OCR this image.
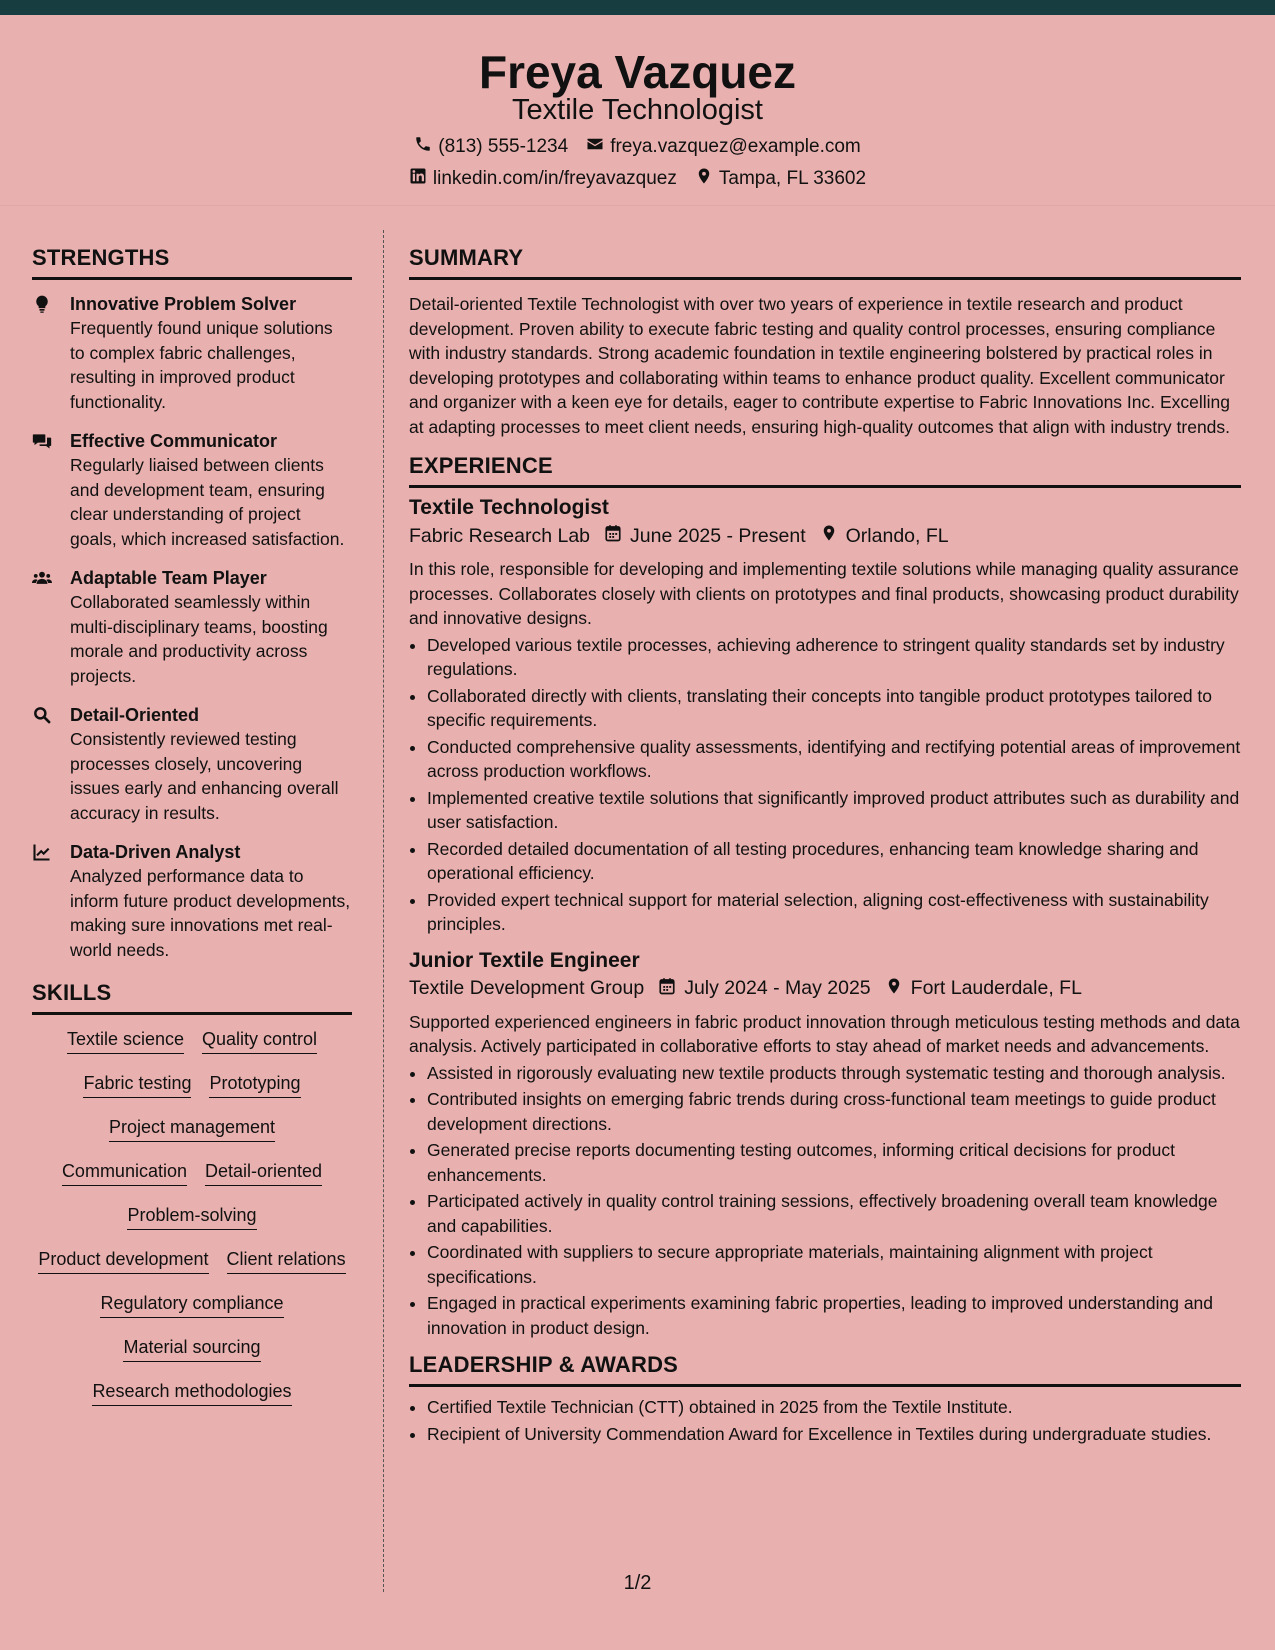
Freya Vazquez
Textile Technologist
(813) 555-1234 freya.vazquez@example.com
linkedin.com/in/freyavazquez Tampa, FL 33602
STRENGTHS
Innovative Problem Solver
Frequently found unique solutions to complex fabric challenges, resulting in improved product functionality.
Effective Communicator
Regularly liaised between clients and development team, ensuring clear understanding of project goals, which increased satisfaction.
Adaptable Team Player
Collaborated seamlessly within multi-disciplinary teams, boosting morale and productivity across projects.
Detail-Oriented
Consistently reviewed testing processes closely, uncovering issues early and enhancing overall accuracy in results.
Data-Driven Analyst
Analyzed performance data to inform future product developments, making sure innovations met real-world needs.
SKILLS
Textile science Quality control
Fabric testing Prototyping
Project management
Communication Detail-oriented
Problem-solving
Product development Client relations
Regulatory compliance
Material sourcing
Research methodologies
SUMMARY

Detail-oriented Textile Technologist with over two years of experience in textile research and product development. Proven ability to execute fabric testing and quality control processes, ensuring compliance with industry standards. Strong academic foundation in textile engineering bolstered by practical roles in developing prototypes and collaborating within teams to enhance product quality. Excellent communicator and organizer with a keen eye for details, eager to contribute expertise to Fabric Innovations Inc. Excelling at adapting processes to meet client needs, ensuring high-quality outcomes that align with industry trends.

EXPERIENCE
Textile Technologist
Fabric Research Lab June 2025 - Present Orlando, FL

In this role, responsible for developing and implementing textile solutions while managing quality assurance processes. Collaborates closely with clients on prototypes and final products, showcasing product durability and innovative designs.

• Developed various textile processes, achieving adherence to stringent quality standards set by industry regulations.
• Collaborated directly with clients, translating their concepts into tangible product prototypes tailored to specific requirements.
• Conducted comprehensive quality assessments, identifying and rectifying potential areas of improvement across production workflows.
• Implemented creative textile solutions that significantly improved product attributes such as durability and user satisfaction.
• Recorded detailed documentation of all testing procedures, enhancing team knowledge sharing and operational efficiency.
• Provided expert technical support for material selection, aligning cost-effectiveness with sustainability principles.
Junior Textile Engineer
Textile Development Group July 2024 - May 2025 Fort Lauderdale, FL

Supported experienced engineers in fabric product innovation through meticulous testing methods and data analysis. Actively participated in collaborative efforts to stay ahead of market needs and advancements.

• Assisted in rigorously evaluating new textile products through systematic testing and thorough analysis.
• Contributed insights on emerging fabric trends during cross-functional team meetings to guide product development directions.
• Generated precise reports documenting testing outcomes, informing critical decisions for product enhancements.
• Participated actively in quality control training sessions, effectively broadening overall team knowledge and capabilities.
• Coordinated with suppliers to secure appropriate materials, maintaining alignment with project specifications.
• Engaged in practical experiments examining fabric properties, leading to improved understanding and innovation in product design.
LEADERSHIP & AWARDS
• Certified Textile Technician (CTT) obtained in 2025 from the Textile Institute.
• Recipient of University Commendation Award for Excellence in Textiles during undergraduate studies.
1/2
